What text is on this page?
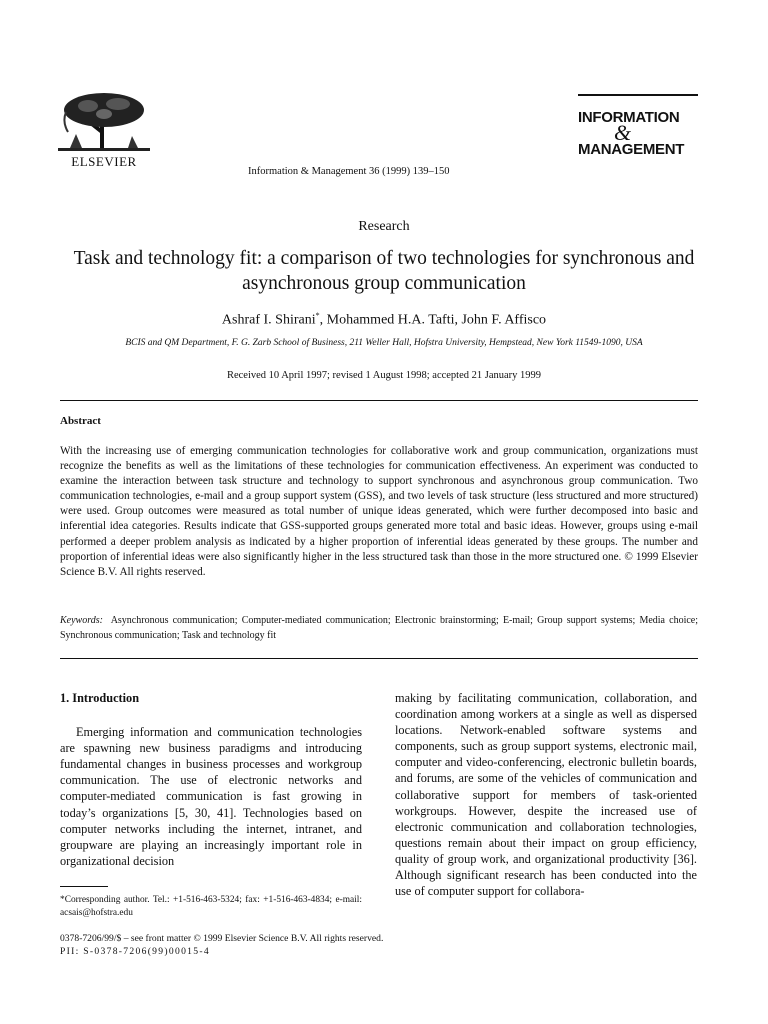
ELSEVIER
Information & Management 36 (1999) 139–150
INFORMATION
&
MANAGEMENT
Research
Task and technology fit: a comparison of two technologies for synchronous and asynchronous group communication
Ashraf I. Shirani*, Mohammed H.A. Tafti, John F. Affisco
BCIS and QM Department, F. G. Zarb School of Business, 211 Weller Hall, Hofstra University, Hempstead, New York 11549-1090, USA
Received 10 April 1997; revised 1 August 1998; accepted 21 January 1999
Abstract
With the increasing use of emerging communication technologies for collaborative work and group communication, organizations must recognize the benefits as well as the limitations of these technologies for communication effectiveness. An experiment was conducted to examine the interaction between task structure and technology to support synchronous and asynchronous group communication. Two communication technologies, e-mail and a group support system (GSS), and two levels of task structure (less structured and more structured) were used. Group outcomes were measured as total number of unique ideas generated, which were further decomposed into basic and inferential idea categories. Results indicate that GSS-supported groups generated more total and basic ideas. However, groups using e-mail performed a deeper problem analysis as indicated by a higher proportion of inferential ideas generated by these groups. The number and proportion of inferential ideas were also significantly higher in the less structured task than those in the more structured one. © 1999 Elsevier Science B.V. All rights reserved.
Keywords: Asynchronous communication; Computer-mediated communication; Electronic brainstorming; E-mail; Group support systems; Media choice; Synchronous communication; Task and technology fit
1. Introduction

Emerging information and communication technologies are spawning new business paradigms and introducing fundamental changes in business processes and workgroup communication. The use of electronic networks and computer-mediated communication is fast growing in today’s organizations [5, 30, 41]. Technologies based on computer networks including the internet, intranet, and groupware are playing an increasingly important role in organizational decision

making by facilitating communication, collaboration, and coordination among workers at a single as well as dispersed locations. Network-enabled software systems and components, such as group support systems, electronic mail, computer and video-conferencing, electronic bulletin boards, and forums, are some of the vehicles of communication and collaborative support for members of task-oriented workgroups. However, despite the increased use of electronic communication and collaboration technologies, questions remain about their impact on group efficiency, quality of group work, and organizational productivity [36]. Although significant research has been conducted into the use of computer support for collabora-

*Corresponding author. Tel.: +1-516-463-5324; fax: +1-516-463-4834; e-mail: acsais@hofstra.edu
0378-7206/99/$ – see front matter © 1999 Elsevier Science B.V. All rights reserved.
PII: S-0378-7206(99)00015-4
